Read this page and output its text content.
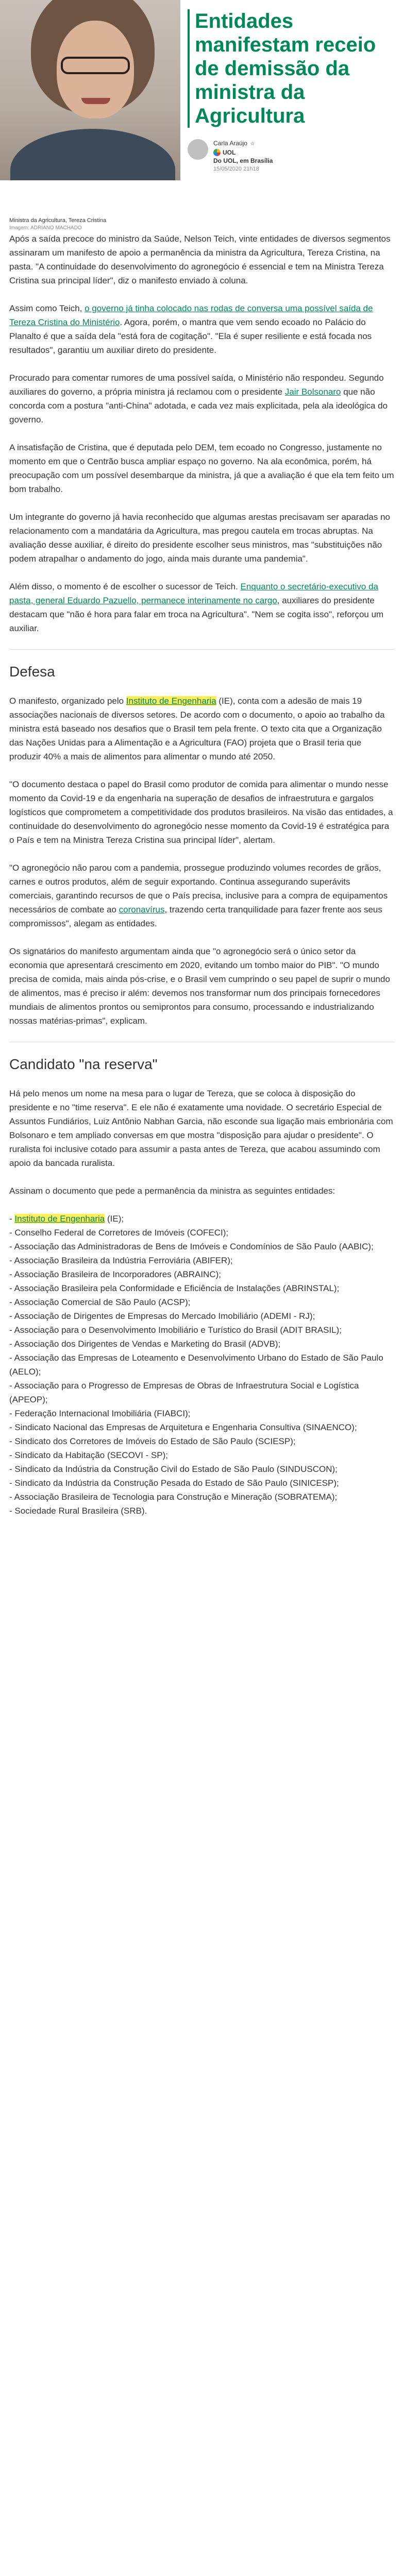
Ministra da Agricultura, Tereza Cristina
Imagem: ADRIANO MACHADO
Entidades manifestam receio de demissão da ministra da Agricultura
Carla Araújo ☆
UOL
Do UOL, em Brasília
15/05/2020 21h18

Após a saída precoce do ministro da Saúde, Nelson Teich, vinte entidades de diversos segmentos assinaram um manifesto de apoio a permanência da ministra da Agricultura, Tereza Cristina, na pasta. "A continuidade do desenvolvimento do agronegócio é essencial e tem na Ministra Tereza Cristina sua principal líder", diz o manifesto enviado à coluna.

Assim como Teich, o governo já tinha colocado nas rodas de conversa uma possível saída de Tereza Cristina do Ministério. Agora, porém, o mantra que vem sendo ecoado no Palácio do Planalto é que a saída dela "está fora de cogitação". "Ela é super resiliente e está focada nos resultados", garantiu um auxiliar direto do presidente.

Procurado para comentar rumores de uma possível saída, o Ministério não respondeu. Segundo auxiliares do governo, a própria ministra já reclamou com o presidente Jair Bolsonaro que não concorda com a postura "anti-China" adotada, e cada vez mais explicitada, pela ala ideológica do governo.

A insatisfação de Cristina, que é deputada pelo DEM, tem ecoado no Congresso, justamente no momento em que o Centrão busca ampliar espaço no governo. Na ala econômica, porém, há preocupação com um possível desembarque da ministra, já que a avaliação é que ela tem feito um bom trabalho.

Um integrante do governo já havia reconhecido que algumas arestas precisavam ser aparadas no relacionamento com a mandatária da Agricultura, mas pregou cautela em trocas abruptas. Na avaliação desse auxiliar, é direito do presidente escolher seus ministros, mas "substituições não podem atrapalhar o andamento do jogo, ainda mais durante uma pandemia".

Além disso, o momento é de escolher o sucessor de Teich. Enquanto o secretário-executivo da pasta, general Eduardo Pazuello, permanece interinamente no cargo, auxiliares do presidente destacam que "não é hora para falar em troca na Agricultura". "Nem se cogita isso", reforçou um auxiliar.

Defesa

O manifesto, organizado pelo Instituto de Engenharia (IE), conta com a adesão de mais 19 associações nacionais de diversos setores. De acordo com o documento, o apoio ao trabalho da ministra está baseado nos desafios que o Brasil tem pela frente. O texto cita que a Organização das Nações Unidas para a Alimentação e a Agricultura (FAO) projeta que o Brasil teria que produzir 40% a mais de alimentos para alimentar o mundo até 2050.

"O documento destaca o papel do Brasil como produtor de comida para alimentar o mundo nesse momento da Covid-19 e da engenharia na superação de desafios de infraestrutura e gargalos logísticos que comprometem a competitividade dos produtos brasileiros. Na visão das entidades, a continuidade do desenvolvimento do agronegócio nesse momento da Covid-19 é estratégica para o País e tem na Ministra Tereza Cristina sua principal líder", alertam.

"O agronegócio não parou com a pandemia, prossegue produzindo volumes recordes de grãos, carnes e outros produtos, além de seguir exportando. Continua assegurando superávits comerciais, garantindo recursos de que o País precisa, inclusive para a compra de equipamentos necessários de combate ao coronavírus, trazendo certa tranquilidade para fazer frente aos seus compromissos", alegam as entidades.

Os signatários do manifesto argumentam ainda que "o agronegócio será o único setor da economia que apresentará crescimento em 2020, evitando um tombo maior do PIB". "O mundo precisa de comida, mais ainda pós-crise, e o Brasil vem cumprindo o seu papel de suprir o mundo de alimentos, mas é preciso ir além: devemos nos transformar num dos principais fornecedores mundiais de alimentos prontos ou semiprontos para consumo, processando e industrializando nossas matérias-primas", explicam.

Candidato "na reserva"

Há pelo menos um nome na mesa para o lugar de Tereza, que se coloca à disposição do presidente e no "time reserva". E ele não é exatamente uma novidade. O secretário Especial de Assuntos Fundiários, Luiz Antônio Nabhan Garcia, não esconde sua ligação mais embrionária com Bolsonaro e tem ampliado conversas em que mostra "disposição para ajudar o presidente". O ruralista foi inclusive cotado para assumir a pasta antes de Tereza, que acabou assumindo com apoio da bancada ruralista.

Assinam o documento que pede a permanência da ministra as seguintes entidades:

- Instituto de Engenharia (IE);
- Conselho Federal de Corretores de Imóveis (COFECI);
- Associação das Administradoras de Bens de Imóveis e Condomínios de São Paulo (AABIC);
- Associação Brasileira da Indústria Ferroviária (ABIFER);
- Associação Brasileira de Incorporadores (ABRAINC);
- Associação Brasileira pela Conformidade e Eficiência de Instalações (ABRINSTAL);
- Associação Comercial de São Paulo (ACSP);
- Associação de Dirigentes de Empresas do Mercado Imobiliário (ADEMI - RJ);
- Associação para o Desenvolvimento Imobiliário e Turístico do Brasil (ADIT BRASIL);
- Associação dos Dirigentes de Vendas e Marketing do Brasil (ADVB);
- Associação das Empresas de Loteamento e Desenvolvimento Urbano do Estado de São Paulo (AELO);
- Associação para o Progresso de Empresas de Obras de Infraestrutura Social e Logística (APEOP);
- Federação Internacional Imobiliária (FIABCI);
- Sindicato Nacional das Empresas de Arquitetura e Engenharia Consultiva (SINAENCO);
- Sindicato dos Corretores de Imóveis do Estado de São Paulo (SCIESP);
- Sindicato da Habitação (SECOVI - SP);
- Sindicato da Indústria da Construção Civil do Estado de São Paulo (SINDUSCON);
- Sindicato da Indústria da Construção Pesada do Estado de São Paulo (SINICESP);
- Associação Brasileira de Tecnologia para Construção e Mineração (SOBRATEMA);
- Sociedade Rural Brasileira (SRB).
